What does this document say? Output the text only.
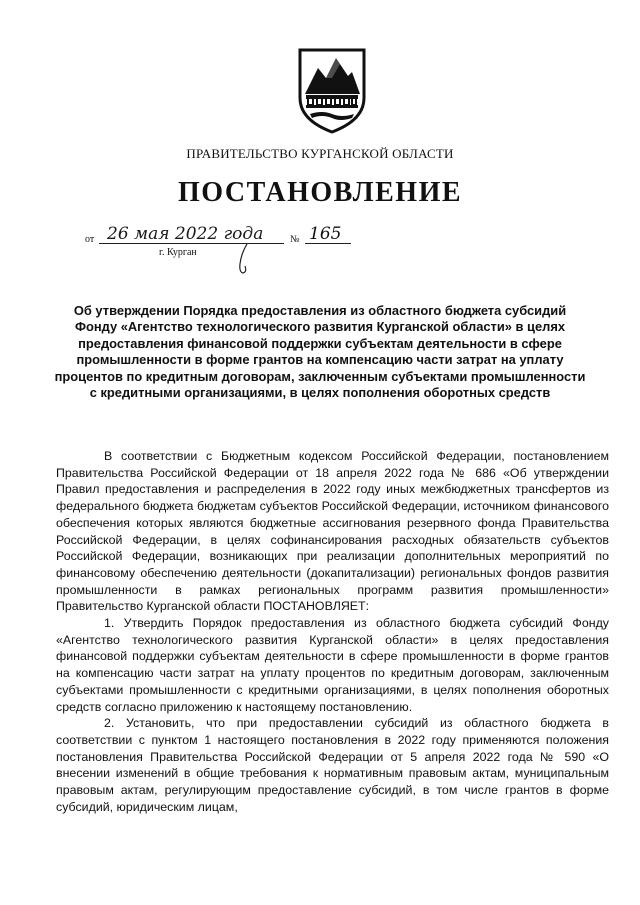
ПРАВИТЕЛЬСТВО КУРГАНСКОЙ ОБЛАСТИ
ПОСТАНОВЛЕНИЕ
от 26 мая 2022 года	№ 165
г. Курган
Об утверждении Порядка предоставления из областного бюджета субсидий Фонду «Агентство технологического развития Курганской области» в целях предоставления финансовой поддержки субъектам деятельности в сфере промышленности в форме грантов на компенсацию части затрат на уплату процентов по кредитным договорам, заключенным субъектами промышленности с кредитными организациями, в целях пополнения оборотных средств

В соответствии с Бюджетным кодексом Российской Федерации, постановлением Правительства Российской Федерации от 18 апреля 2022 года № 686 «Об утверждении Правил предоставления и распределения в 2022 году иных межбюджетных трансфертов из федерального бюджета бюджетам субъектов Российской Федерации, источником финансового обеспечения которых являются бюджетные ассигнования резервного фонда Правительства Российской Федерации, в целях софинансирования расходных обязательств субъектов Российской Федерации, возникающих при реализации дополнительных мероприятий по финансовому обеспечению деятельности (докапитализации) региональных фондов развития промышленности в рамках региональных программ развития промышленности» Правительство Курганской области ПОСТАНОВЛЯЕТ:

1. Утвердить Порядок предоставления из областного бюджета субсидий Фонду «Агентство технологического развития Курганской области» в целях предоставления финансовой поддержки субъектам деятельности в сфере промышленности в форме грантов на компенсацию части затрат на уплату процентов по кредитным договорам, заключенным субъектами промышленности с кредитными организациями, в целях пополнения оборотных средств согласно приложению к настоящему постановлению.

2. Установить, что при предоставлении субсидий из областного бюджета в соответствии с пунктом 1 настоящего постановления в 2022 году применяются положения постановления Правительства Российской Федерации от 5 апреля 2022 года № 590 «О внесении изменений в общие требования к нормативным правовым актам, муниципальным правовым актам, регулирующим предоставление субсидий, в том числе грантов в форме субсидий, юридическим лицам,
